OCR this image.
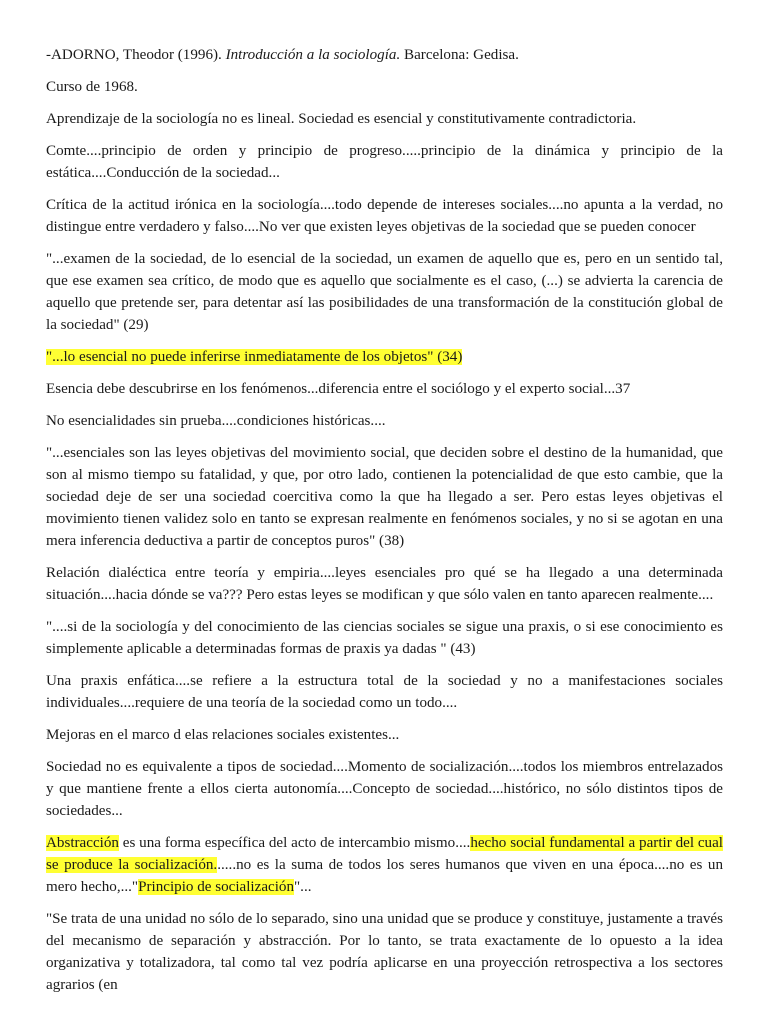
-ADORNO, Theodor (1996). Introducción a la sociología. Barcelona: Gedisa.

Curso de 1968.

Aprendizaje de la sociología no es lineal. Sociedad es esencial y constitutivamente contradictoria.

Comte....principio de orden y principio de progreso.....principio de la dinámica y principio de la estática....Conducción de la sociedad...

Crítica de la actitud irónica en la sociología....todo depende de intereses sociales....no apunta a la verdad, no distingue entre verdadero y falso....No ver que existen leyes objetivas de la sociedad que se pueden conocer

"...examen de la sociedad, de lo esencial de la sociedad, un examen de aquello que es, pero en un sentido tal, que ese examen sea crítico, de modo que es aquello que socialmente es el caso, (...) se advierta la carencia de aquello que pretende ser, para detentar así las posibilidades de una transformación de la constitución global de la sociedad" (29)

"...lo esencial no puede inferirse inmediatamente de los objetos" (34)

Esencia debe descubrirse en los fenómenos...diferencia entre el sociólogo y el experto social...37

No esencialidades sin prueba....condiciones históricas....

"...esenciales son las leyes objetivas del movimiento social, que deciden sobre el destino de la humanidad, que son al mismo tiempo su fatalidad, y que, por otro lado, contienen la potencialidad de que esto cambie, que la sociedad deje de ser una sociedad coercitiva como la que ha llegado a ser. Pero estas leyes objetivas el movimiento tienen validez solo en tanto se expresan realmente en fenómenos sociales, y no si se agotan en una mera inferencia deductiva a partir de conceptos puros" (38)

Relación dialéctica entre teoría y empiria....leyes esenciales pro qué se ha llegado a una determinada situación....hacia dónde se va??? Pero estas leyes se modifican y que sólo valen en tanto aparecen realmente....

"....si de la sociología y del conocimiento de las ciencias sociales se sigue una praxis, o si ese conocimiento es simplemente aplicable a determinadas formas de praxis ya dadas " (43)

Una praxis enfática....se refiere a la estructura total de la sociedad y no a manifestaciones sociales individuales....requiere de una teoría de la sociedad como un todo....

Mejoras en el marco d elas relaciones sociales existentes...

Sociedad no es equivalente a tipos de sociedad....Momento de socialización....todos los miembros entrelazados y que mantiene frente a ellos cierta autonomía....Concepto de sociedad....histórico, no sólo distintos tipos de sociedades...

Abstracción es una forma específica del acto de intercambio mismo....hecho social fundamental a partir del cual se produce la socialización......no es la suma de todos los seres humanos que viven en una época....no es un mero hecho,..."Principio de socialización"...

"Se trata de una unidad no sólo de lo separado, sino una unidad que se produce y constituye, justamente a través del mecanismo de separación y abstracción. Por lo tanto, se trata exactamente de lo opuesto a la idea organizativa y totalizadora, tal como tal vez podría aplicarse en una proyección retrospectiva a los sectores agrarios (en
